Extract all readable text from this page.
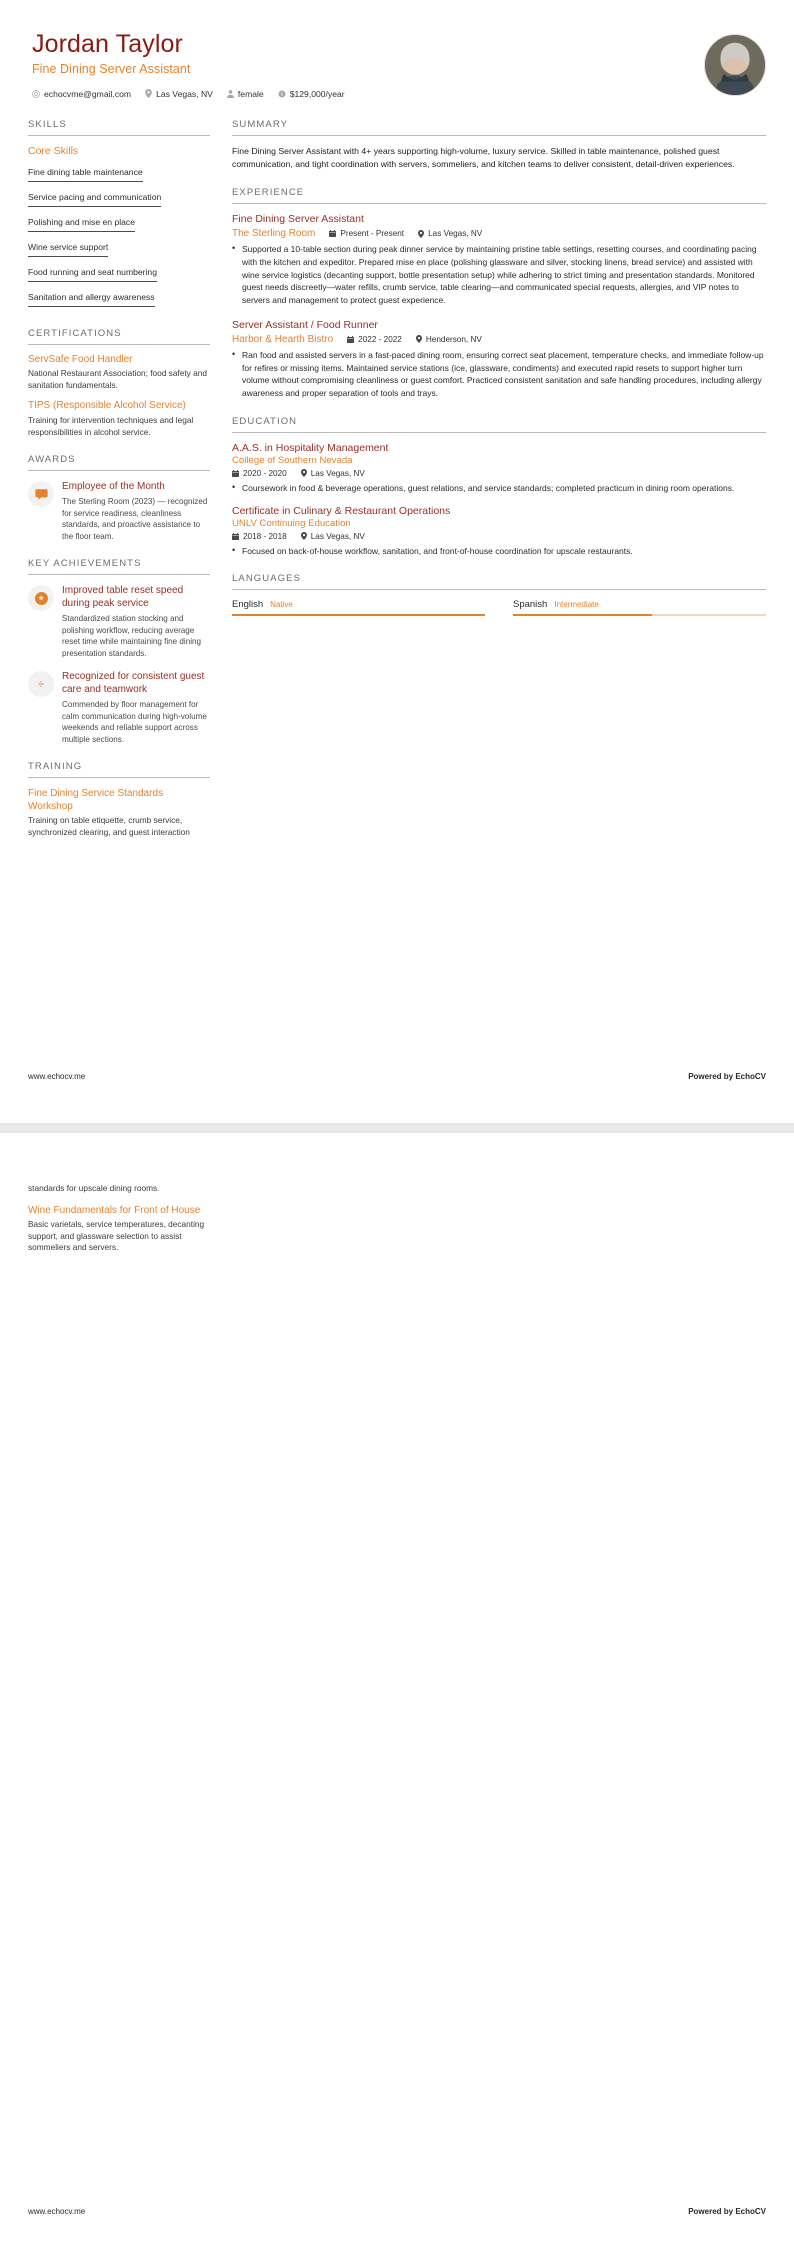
Jordan Taylor
Fine Dining Server Assistant
echocvme@gmail.com	Las Vegas, NV	female	$129,000/year
SKILLS
Core Skills
Fine dining table maintenance
Service pacing and communication
Polishing and mise en place
Wine service support
Food running and seat numbering
Sanitation and allergy awareness
CERTIFICATIONS
ServSafe Food Handler
National Restaurant Association; food safety and sanitation fundamentals.
TIPS (Responsible Alcohol Service)
Training for intervention techniques and legal responsibilities in alcohol service.
AWARDS
Employee of the Month
The Sterling Room (2023) — recognized for service readiness, cleanliness standards, and proactive assistance to the floor team.
KEY ACHIEVEMENTS
Improved table reset speed during peak service
Standardized station stocking and polishing workflow, reducing average reset time while maintaining fine dining presentation standards.
÷
Recognized for consistent guest care and teamwork
Commended by floor management for calm communication during high-volume weekends and reliable support across multiple sections.
TRAINING
Fine Dining Service Standards Workshop
Training on table etiquette, crumb service, synchronized clearing, and guest interaction
SUMMARY
Fine Dining Server Assistant with 4+ years supporting high-volume, luxury service. Skilled in table maintenance, polished guest communication, and tight coordination with servers, sommeliers, and kitchen teams to deliver consistent, detail-driven experiences.
EXPERIENCE
Fine Dining Server Assistant
The Sterling Room	Present - Present	Las Vegas, NV
• Supported a 10-table section during peak dinner service by maintaining pristine table settings, resetting courses, and coordinating pacing with the kitchen and expeditor. Prepared mise en place (polishing glassware and silver, stocking linens, bread service) and assisted with wine service logistics (decanting support, bottle presentation setup) while adhering to strict timing and presentation standards. Monitored guest needs discreetly—water refills, crumb service, table clearing—and communicated special requests, allergies, and VIP notes to servers and management to protect guest experience.
Server Assistant / Food Runner
Harbor & Hearth Bistro	2022 - 2022	Henderson, NV
• Ran food and assisted servers in a fast-paced dining room, ensuring correct seat placement, temperature checks, and immediate follow-up for refires or missing items. Maintained service stations (ice, glassware, condiments) and executed rapid resets to support higher turn volume without compromising cleanliness or guest comfort. Practiced consistent sanitation and safe handling procedures, including allergy awareness and proper separation of tools and trays.
EDUCATION
A.A.S. in Hospitality Management
College of Southern Nevada
2020 - 2020	Las Vegas, NV
• Coursework in food & beverage operations, guest relations, and service standards; completed practicum in dining room operations.
Certificate in Culinary & Restaurant Operations
UNLV Continuing Education
2018 - 2018	Las Vegas, NV
• Focused on back-of-house workflow, sanitation, and front-of-house coordination for upscale restaurants.
LANGUAGES
English Native	Spanish Intermediate
www.echocv.me	Powered by EchoCV
standards for upscale dining rooms.
Wine Fundamentals for Front of House
Basic varietals, service temperatures, decanting support, and glassware selection to assist sommeliers and servers.
www.echocv.me	Powered by EchoCV
